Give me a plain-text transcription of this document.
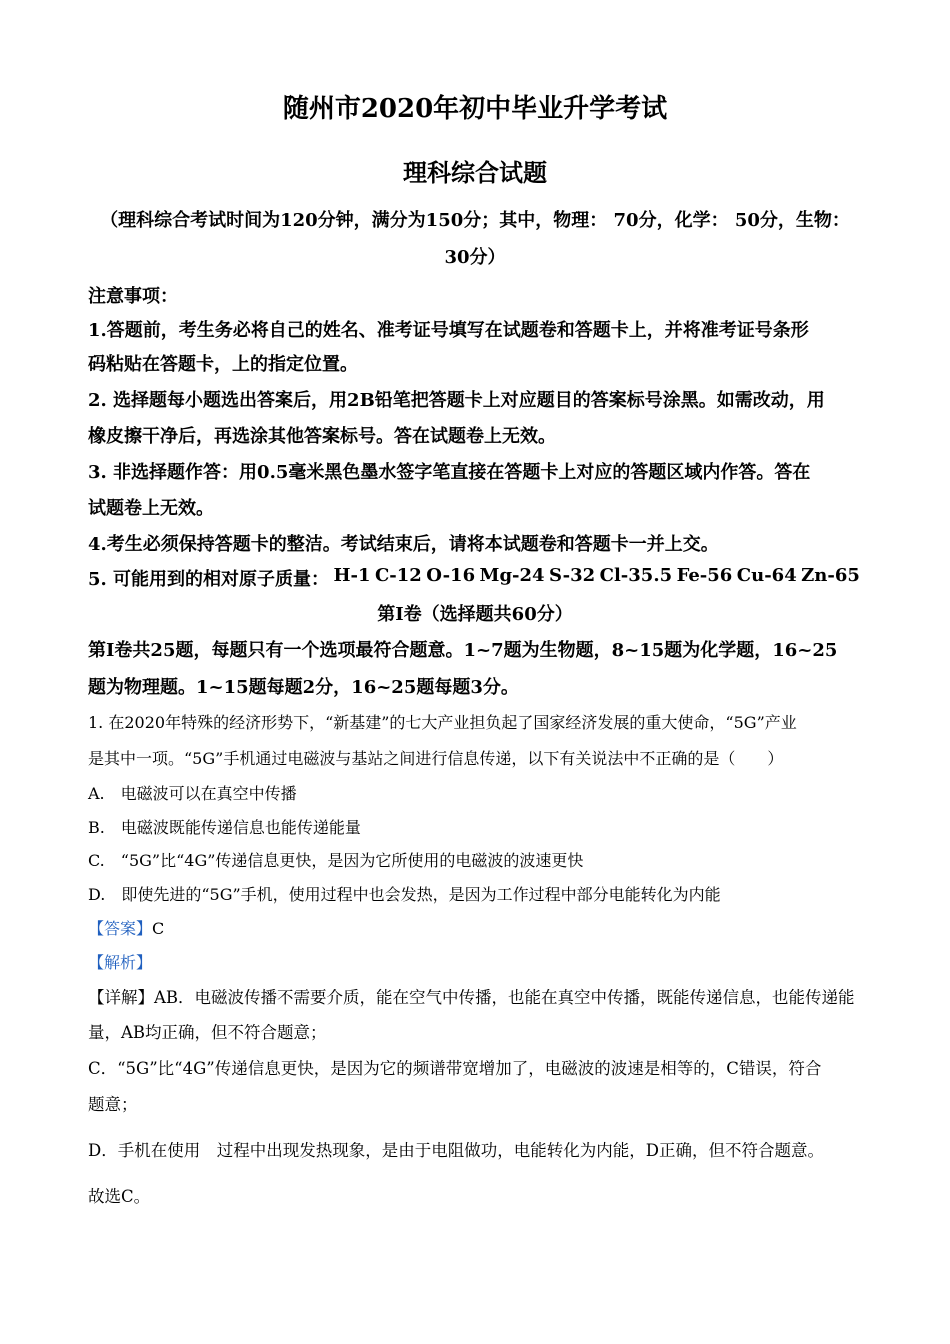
随州市2020年初中毕业升学考试
理科综合试题
（理科综合考试时间为120分钟，满分为150分；其中，物理： 70分，化学： 50分，生物：
30分）
注意事项：
1.答题前，考生务必将自己的姓名、准考证号填写在试题卷和答题卡上，并将准考证号条形
码粘贴在答题卡，上的指定位置。
2. 选择题每小题选出答案后，用2B铅笔把答题卡上对应题目的答案标号涂黑。如需改动，用
橡皮擦干净后，再选涂其他答案标号。答在试题卷上无效。
3. 非选择题作答：用0.5毫米黑色墨水签字笔直接在答题卡上对应的答题区域内作答。答在
试题卷上无效。
4.考生必须保持答题卡的整洁。考试结束后，请将本试题卷和答题卡一并上交。
5. 可能用到的相对原子质量： H-1 C-12 O-16 Mg-24 S-32 Cl-35.5 Fe-56 Cu-64 Zn-65
第I卷（选择题共60分）
第I卷共25题，每题只有一个选项最符合题意。1~7题为生物题，8~15题为化学题，16~25
题为物理题。1~15题每题2分，16~25题每题3分。
1. 在2020年特殊的经济形势下，“新基建”的七大产业担负起了国家经济发展的重大使命，“5G”产业
是其中一项。“5G”手机通过电磁波与基站之间进行信息传递，以下有关说法中不正确的是（　　）
A.　电磁波可以在真空中传播
B.　电磁波既能传递信息也能传递能量
C.　“5G”比“4G”传递信息更快，是因为它所使用的电磁波的波速更快
D.　即使先进的“5G”手机，使用过程中也会发热，是因为工作过程中部分电能转化为内能
【答案】C
【解析】
【详解】AB．电磁波传播不需要介质，能在空气中传播，也能在真空中传播，既能传递信息，也能传递能
量，AB均正确，但不符合题意；
C．“5G”比“4G”传递信息更快，是因为它的频谱带宽增加了，电磁波的波速是相等的，C错误，符合
题意；
D．手机在使用　过程中出现发热现象，是由于电阻做功，电能转化为内能，D正确，但不符合题意。
故选C。
